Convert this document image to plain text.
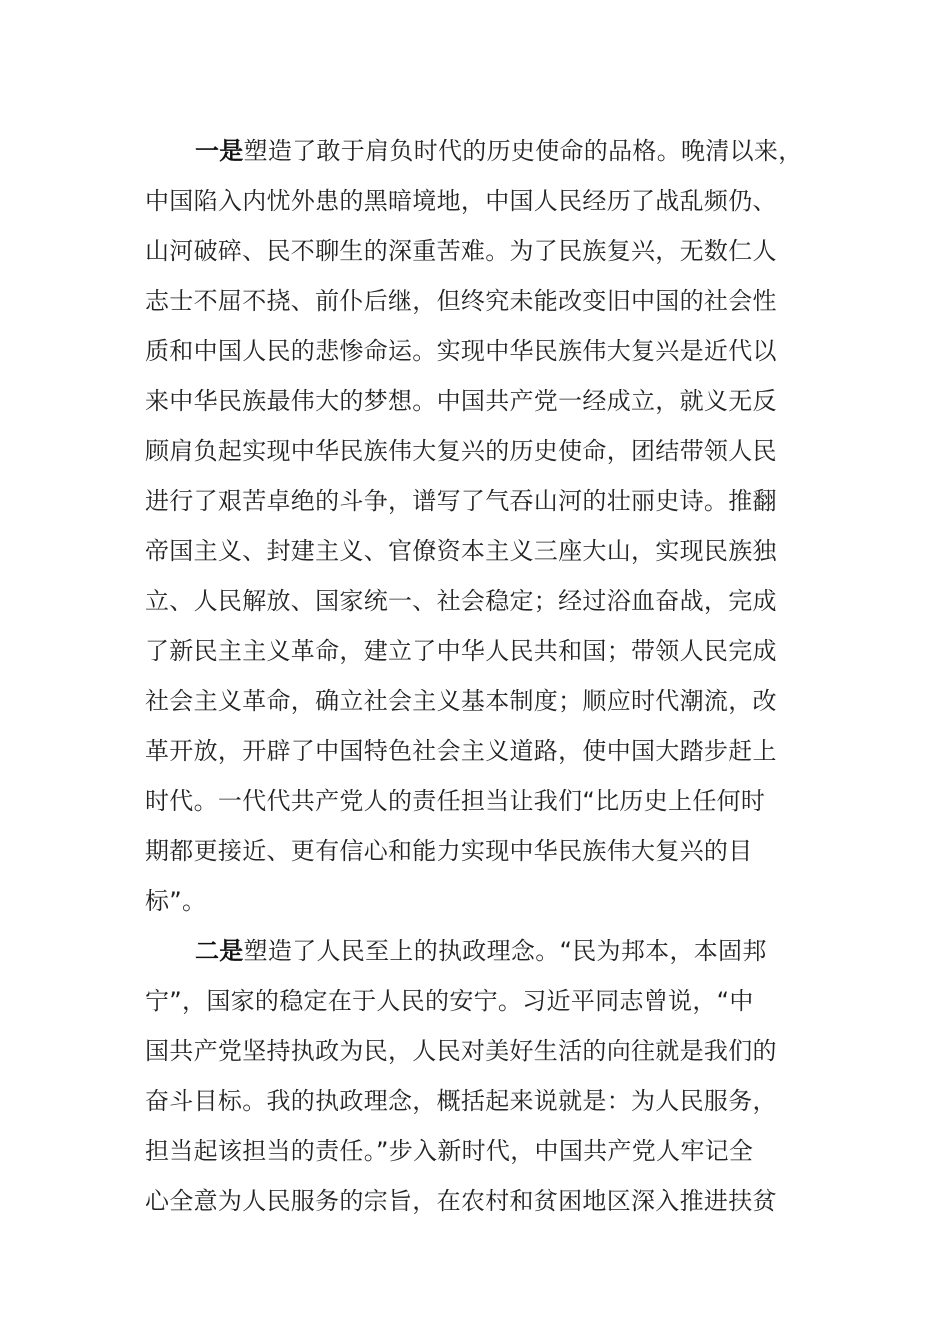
一是塑造了敢于肩负时代的历史使命的品格。晚清以来，
中国陷入内忧外患的黑暗境地，中国人民经历了战乱频仍、
山河破碎、民不聊生的深重苦难。为了民族复兴，无数仁人
志士不屈不挠、前仆后继，但终究未能改变旧中国的社会性
质和中国人民的悲惨命运。实现中华民族伟大复兴是近代以
来中华民族最伟大的梦想。中国共产党一经成立，就义无反
顾肩负起实现中华民族伟大复兴的历史使命，团结带领人民
进行了艰苦卓绝的斗争，谱写了气吞山河的壮丽史诗。推翻
帝国主义、封建主义、官僚资本主义三座大山，实现民族独
立、人民解放、国家统一、社会稳定；经过浴血奋战，完成
了新民主主义革命，建立了中华人民共和国；带领人民完成
社会主义革命，确立社会主义基本制度；顺应时代潮流，改
革开放，开辟了中国特色社会主义道路，使中国大踏步赶上
时代。一代代共产党人的责任担当让我们“比历史上任何时
期都更接近、更有信心和能力实现中华民族伟大复兴的目
标”。
二是塑造了人民至上的执政理念。“民为邦本，本固邦
宁”，国家的稳定在于人民的安宁。习近平同志曾说，“中
国共产党坚持执政为民，人民对美好生活的向往就是我们的
奋斗目标。我的执政理念，概括起来说就是：为人民服务，
担当起该担当的责任。”步入新时代，中国共产党人牢记全
心全意为人民服务的宗旨，在农村和贫困地区深入推进扶贫
